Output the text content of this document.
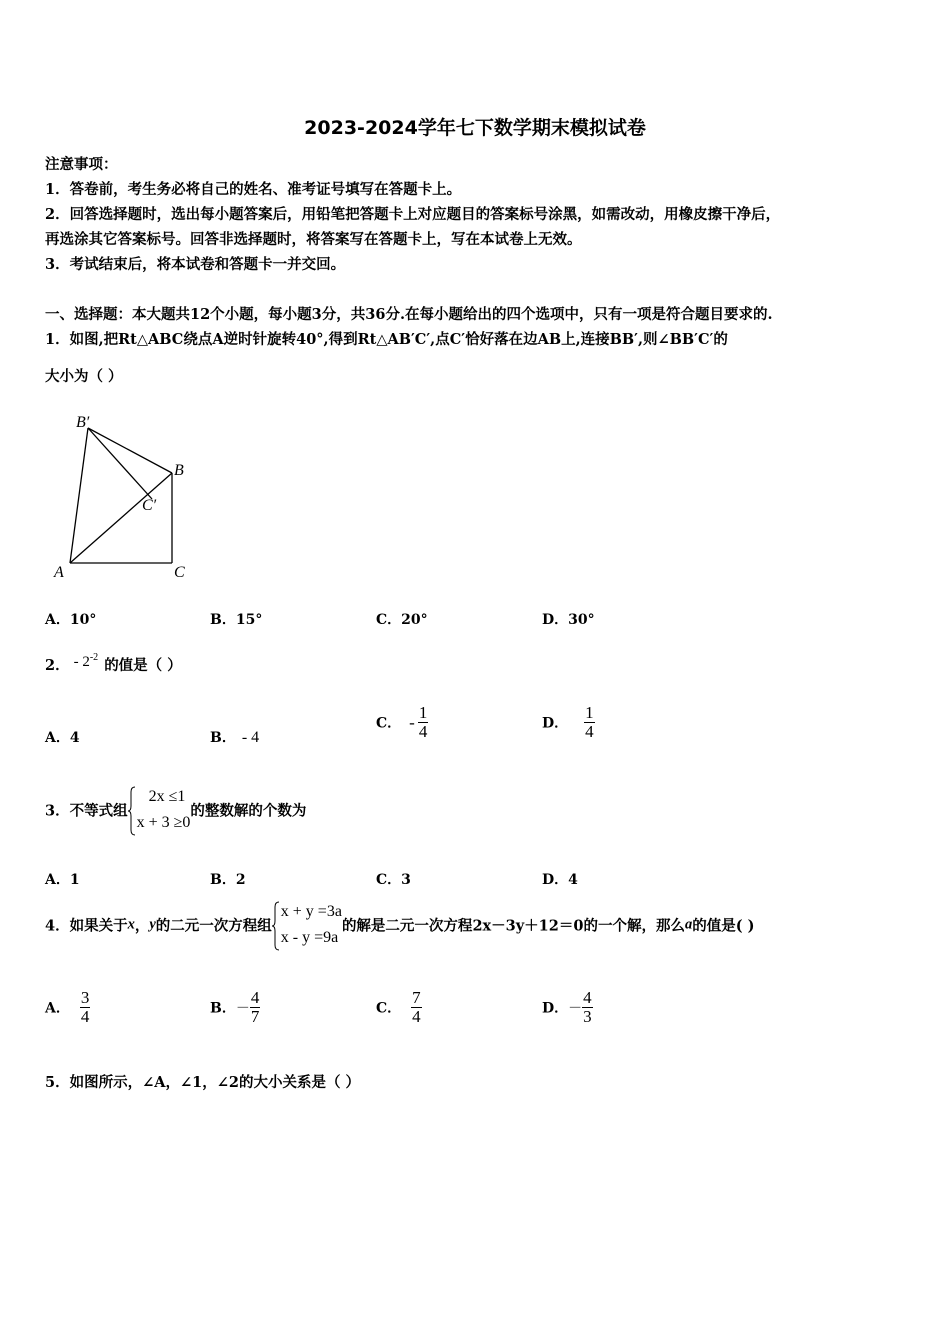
2023-2024学年七下数学期末模拟试卷
注意事项：
1．答卷前，考生务必将自己的姓名、准考证号填写在答题卡上。
2．回答选择题时，选出每小题答案后，用铅笔把答题卡上对应题目的答案标号涂黑，如需改动，用橡皮擦干净后，
再选涂其它答案标号。回答非选择题时，将答案写在答题卡上，写在本试卷上无效。
3．考试结束后，将本试卷和答题卡一并交回。
一、选择题：本大题共12个小题，每小题3分，共36分.在每小题给出的四个选项中，只有一项是符合题目要求的.
1．如图,把Rt△ABC绕点A逆时针旋转40°,得到Rt△AB′C′,点C′恰好落在边AB上,连接BB′,则∠BB′C′的
大小为（ ）
B′
B
C′
A	C
A．10°	B．15°	C．20°	D．30°
2． - $2^{-2}$ 的值是（ ）
A．4	B． - 4
C． - $\frac{1}{4}$	D． $\frac{1}{4}$
3．不等式组
2x ≤1
x + 3 ≥0
的整数解的个数为
A．1	B．2	C．3	D．4
4．如果关于x，y的二元一次方程组
x + y =3a
x - y =9a
的解是二元一次方程2x－3y＋12＝0的一个解，那么a的值是( )
A． $\frac{3}{4}$	B．－ $\frac{4}{7}$	C． $\frac{7}{4}$	D．－ $\frac{4}{3}$
5．如图所示，∠A，∠1，∠2的大小关系是（ ）
